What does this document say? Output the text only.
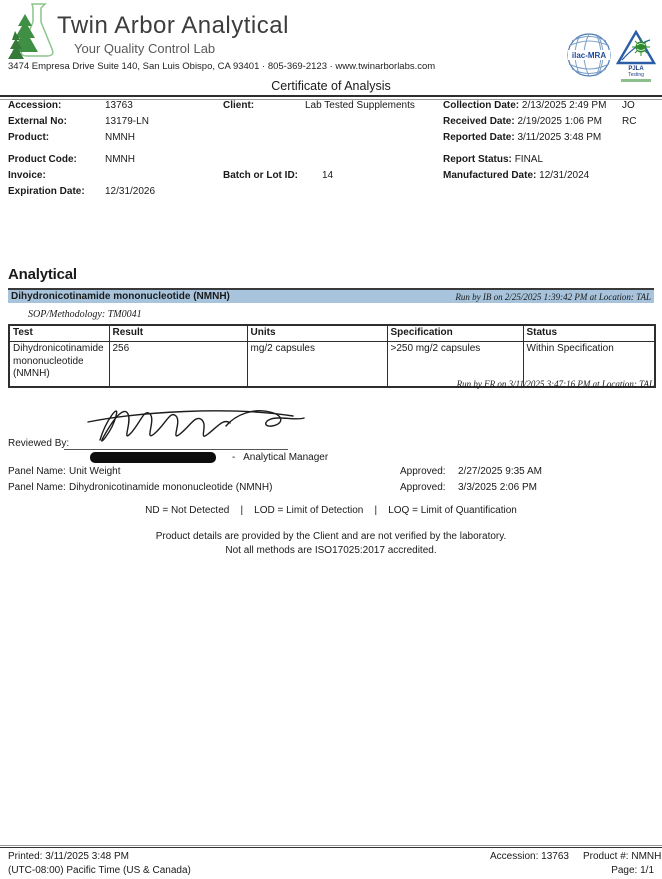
Twin Arbor Analytical
Your Quality Control Lab
3474 Empresa Drive Suite 140, San Luis Obispo, CA 93401 · 805-369-2123 · www.twinarborlabs.com
ilac-MRA
PJLA
Testing
Certificate of Analysis
Accession:	13763
External No:	13179-LN
Product:	NMNH
Product Code:	NMNH
Invoice:
Expiration Date: 12/31/2026
Client:	Lab Tested Supplements
Batch or Lot ID: 14
Collection Date: 2/13/2025 2:49 PM JO
Received Date: 2/19/2025 1:06 PM RC
Reported Date: 3/11/2025 3:48 PM
Report Status: FINAL
Manufactured Date: 12/31/2024
Analytical
Dihydronicotinamide mononucleotide (NMNH)	Run by IB on 2/25/2025 1:39:42 PM at Location: TAL
SOP/Methodology: TM0041
Test	Result	Units	Specification	Status
Dihydronicotinamide mononucleotide (NMNH)	256	mg/2 capsules	>250 mg/2 capsules	Within Specification
Run by FR on 3/11/2025 3:47:16 PM at Location: TAL
Reviewed By:
-   Analytical Manager
Panel Name: Unit Weight	Approved: 2/27/2025 9:35 AM
Panel Name: Dihydronicotinamide mononucleotide (NMNH)	Approved: 3/3/2025 2:06 PM
ND = Not Detected    |    LOD = Limit of Detection    |    LOQ = Limit of Quantification
Product details are provided by the Client and are not verified by the laboratory.
Not all methods are ISO17025:2017 accredited.
Printed: 3/11/2025 3:48 PM
(UTC-08:00) Pacific Time (US & Canada)
Accession: 13763 Product #: NMNH
Page: 1/1
